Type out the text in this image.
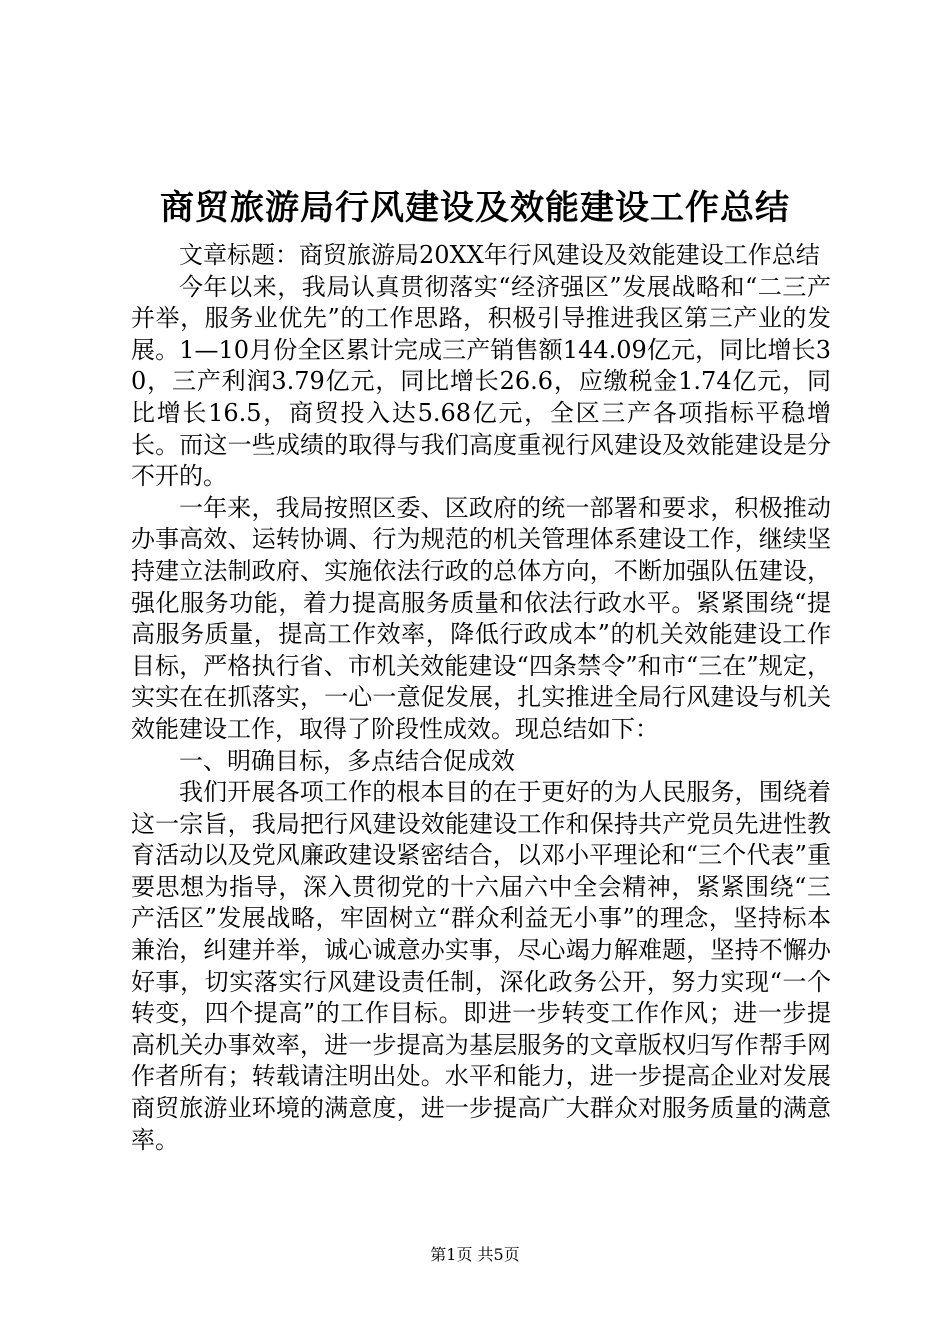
商贸旅游局行风建设及效能建设工作总结

文章标题：商贸旅游局20XX年行风建设及效能建设工作总结

今年以来，我局认真贯彻落实“经济强区”发展战略和“二三产并举，服务业优先”的工作思路，积极引导推进我区第三产业的发展。1—10月份全区累计完成三产销售额144.09亿元，同比增长30，三产利润3.79亿元，同比增长26.6，应缴税金1.74亿元，同比增长16.5，商贸投入达5.68亿元，全区三产各项指标平稳增长。而这一些成绩的取得与我们高度重视行风建设及效能建设是分不开的。

一年来，我局按照区委、区政府的统一部署和要求，积极推动办事高效、运转协调、行为规范的机关管理体系建设工作，继续坚持建立法制政府、实施依法行政的总体方向，不断加强队伍建设，强化服务功能，着力提高服务质量和依法行政水平。紧紧围绕“提高服务质量，提高工作效率，降低行政成本”的机关效能建设工作目标，严格执行省、市机关效能建设“四条禁令”和市“三在”规定，实实在在抓落实，一心一意促发展，扎实推进全局行风建设与机关效能建设工作，取得了阶段性成效。现总结如下：

一、明确目标，多点结合促成效

我们开展各项工作的根本目的在于更好的为人民服务，围绕着这一宗旨，我局把行风建设效能建设工作和保持共产党员先进性教育活动以及党风廉政建设紧密结合，以邓小平理论和“三个代表”重要思想为指导，深入贯彻党的十六届六中全会精神，紧紧围绕“三产活区”发展战略，牢固树立“群众利益无小事”的理念，坚持标本兼治，纠建并举，诚心诚意办实事，尽心竭力解难题，坚持不懈办好事，切实落实行风建设责任制，深化政务公开，努力实现“一个转变，四个提高”的工作目标。即进一步转变工作作风；进一步提高机关办事效率，进一步提高为基层服务的文章版权归写作帮手网作者所有；转载请注明出处。水平和能力，进一步提高企业对发展商贸旅游业环境的满意度，进一步提高广大群众对服务质量的满意率。

第1页 共5页
